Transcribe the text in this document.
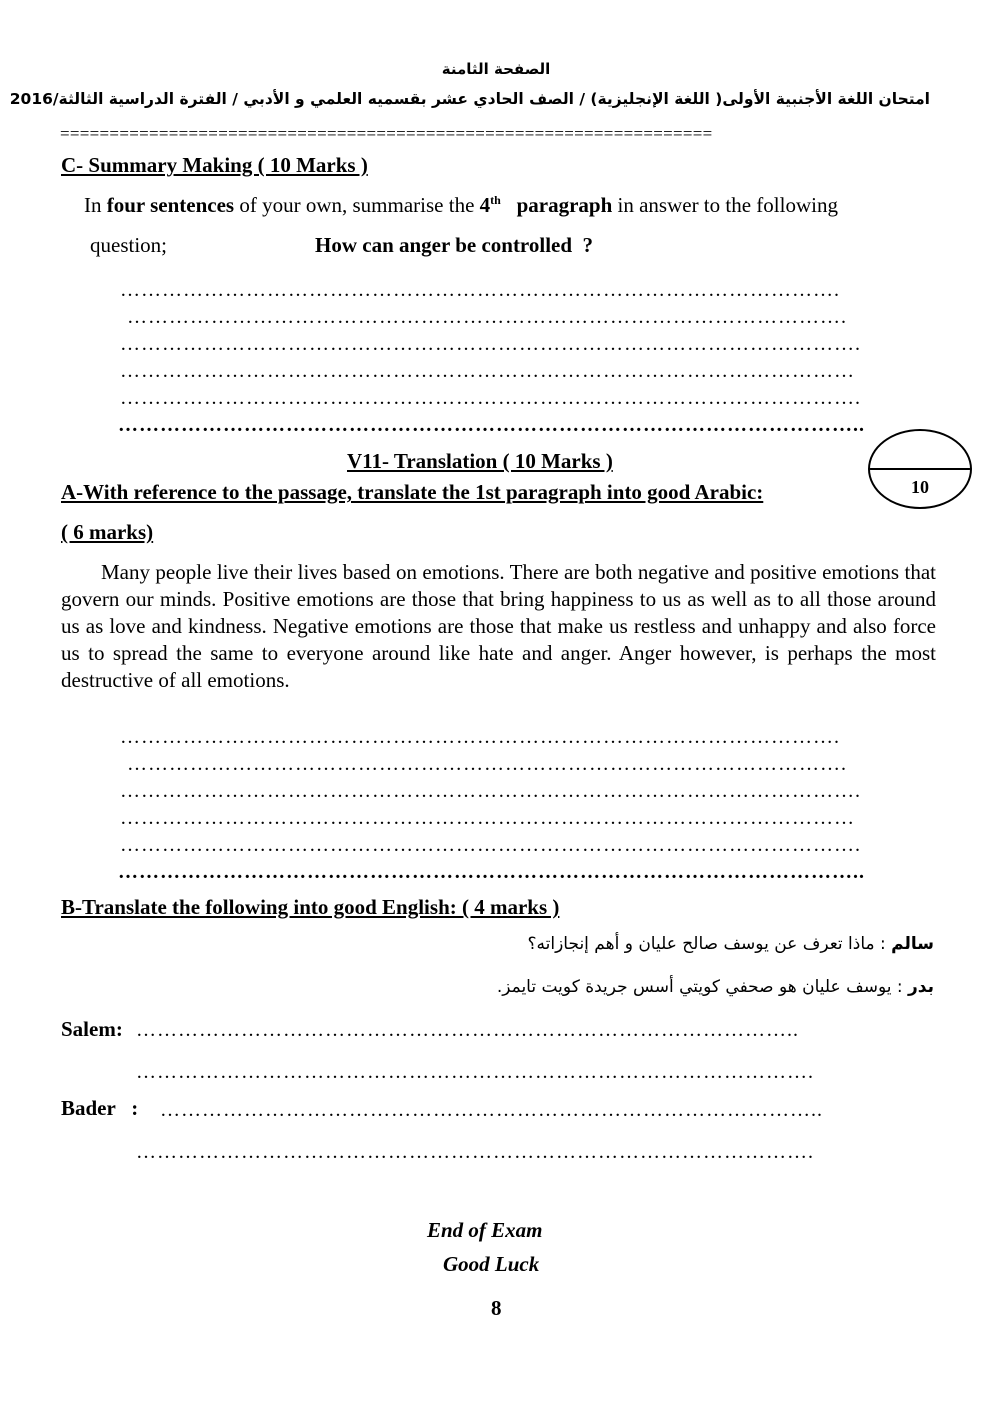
الصفحة الثامنة
امتحان اللغة الأجنبية الأولى( اللغة الإنجليزية) / الصف الحادي عشر بقسميه العلمي و الأدبي / الفترة الدراسية الثالثة/2016
==================================================================
C- Summary Making ( 10 Marks )
In four sentences of your own, summarise the 4th paragraph in answer to the following
question;	How can anger be controlled  ?
………………………………………………………………………………………….
………………………………………………………………………………………….
…………………………………………………………………………………………….
……………………………………………………………………………………………
…………………………………………………………………………………………….
……………………………………………………………………………………………..
10
V11- Translation ( 10 Marks )
A-With reference to the passage, translate the 1st paragraph into good Arabic:
( 6 marks)
Many people live their lives based on emotions. There are both negative and positive emotions that govern our minds. Positive emotions are those that bring happiness to us as well as to all those around us as love and kindness. Negative emotions are those that make us restless and unhappy and also force us to spread the same to everyone around like hate and anger. Anger however, is perhaps the most destructive of all emotions.
………………………………………………………………………………………….
………………………………………………………………………………………….
…………………………………………………………………………………………….
……………………………………………………………………………………………
…………………………………………………………………………………………….
……………………………………………………………………………………………..
B-Translate the following into good English: ( 4 marks )
سالم : ماذا تعرف عن يوسف صالح عليان و أهم إنجازاته؟
بدر : يوسف عليان هو صحفي كويتي أسس جريدة كويت تايمز.
Salem: …………………………………………………………………………………..
…………………………………………………………………………………….
Bader   : …………………………………………………………………………………..
…………………………………………………………………………………….
End of Exam
Good Luck
8
